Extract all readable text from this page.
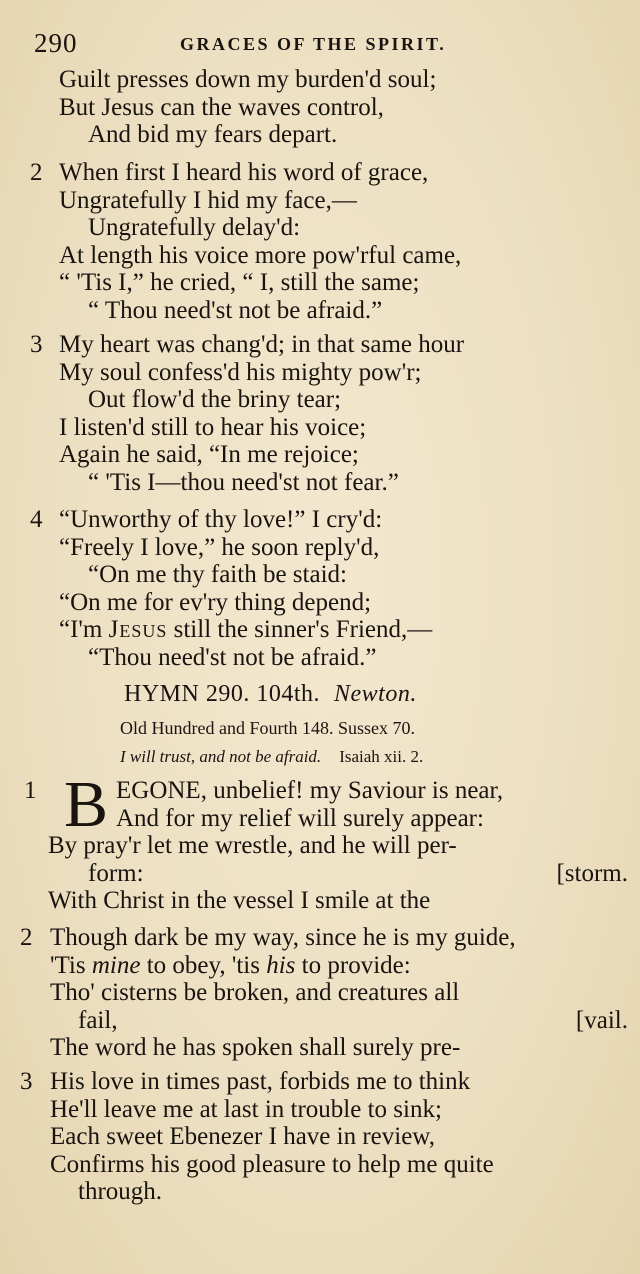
290	GRACES OF THE SPIRIT.
Guilt presses down my burden'd soul;
But Jesus can the waves control,
And bid my fears depart.
2 When first I heard his word of grace,
Ungratefully I hid my face,—
Ungratefully delay'd:
At length his voice more pow'rful came,
“ 'Tis I,” he cried, “ I, still the same;
“ Thou need'st not be afraid.”
3 My heart was chang'd; in that same hour
My soul confess'd his mighty pow'r;
Out flow'd the briny tear;
I listen'd still to hear his voice;
Again he said, “In me rejoice;
“ 'Tis I—thou need'st not fear.”
4 “Unworthy of thy love!” I cry'd:
“Freely I love,” he soon reply'd,
“On me thy faith be staid:
“On me for ev'ry thing depend;
“I'm Jesus still the sinner's Friend,—
“Thou need'st not be afraid.”
HYMN 290. 104th. Newton.
Old Hundred and Fourth 148. Sussex 70.
I will trust, and not be afraid. Isaiah xii. 2.
1 B EGONE, unbelief! my Saviour is near,
And for my relief will surely appear:
By pray'r let me wrestle, and he will per-
form:	[storm.
With Christ in the vessel I smile at the
2 Though dark be my way, since he is my guide,
'Tis mine to obey, 'tis his to provide:
Tho' cisterns be broken, and creatures all
fail,	[vail.
The word he has spoken shall surely pre-
3 His love in times past, forbids me to think
He'll leave me at last in trouble to sink;
Each sweet Ebenezer I have in review,
Confirms his good pleasure to help me quite
through.
